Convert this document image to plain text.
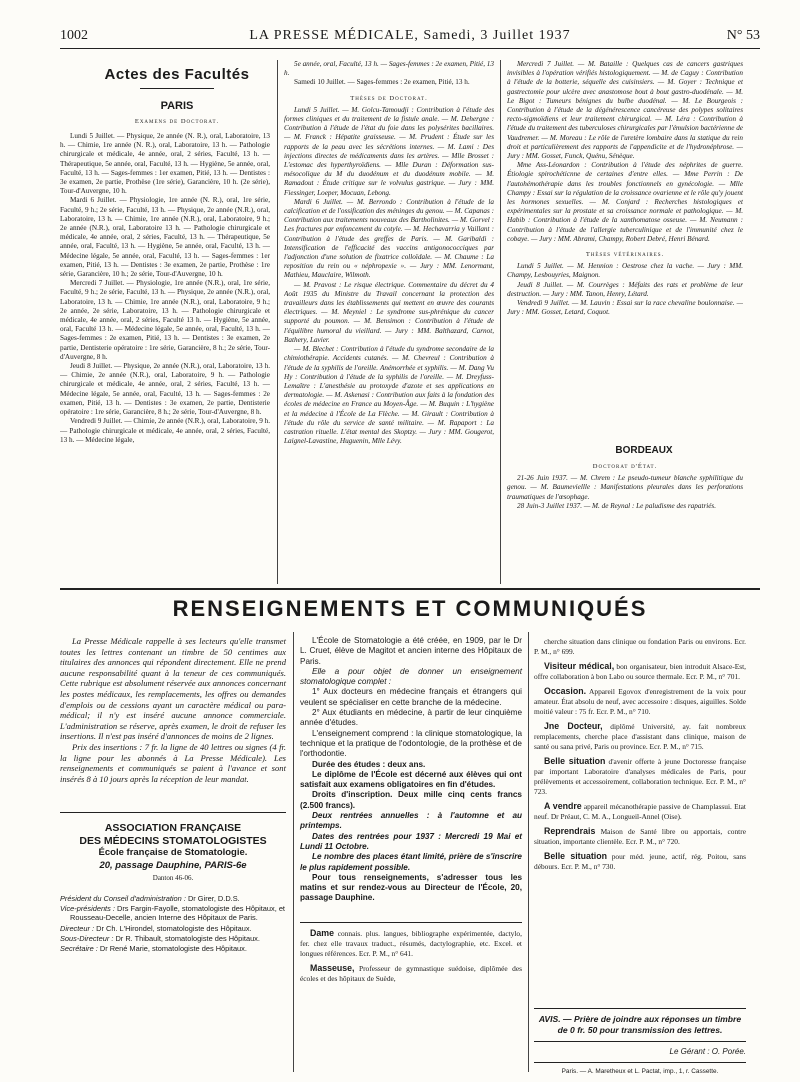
1002	LA PRESSE MÉDICALE, Samedi, 3 Juillet 1937	N° 53
Actes des Facultés
PARIS
Examens de Doctorat.

Lundi 5 Juillet. — Physique, 2e année (N. R.), oral, Laboratoire, 13 h. — Chimie, 1re année (N. R.), oral, Laboratoire, 13 h. — Pathologie chirurgicale et médicale, 4e année, oral, 2 séries, Faculté, 13 h. — Thérapeutique, 5e année, oral, Faculté, 13 h. — Hygiène, 5e année, oral, Faculté, 13 h. — Sages-femmes : 1er examen, Pitié, 13 h. — Dentistes : 3e examen, 2e partie, Prothèse (1re série), Garancière, 10 h. (2e série), Tour-d'Auvergne, 10 h.

Mardi 6 Juillet. — Physiologie, 1re année (N. R.), oral, 1re série, Faculté, 9 h.; 2e série, Faculté, 13 h. — Physique, 2e année (N.R.), oral, Laboratoire, 13 h. — Chimie, 1re année (N.R.), oral, Laboratoire, 9 h.; 2e année (N.R.), oral, Laboratoire 13 h. — Pathologie chirurgicale et médicale, 4e année, oral, 2 séries, Faculté, 13 h. — Thérapeutique, 5e année, oral, Faculté, 13 h. — Hygiène, 5e année, oral, Faculté, 13 h. — Médecine légale, 5e année, oral, Faculté, 13 h. — Sages-femmes : 1er examen, Pitié, 13 h. — Dentistes : 3e examen, 2e partie, Prothèse : 1re série, Garancière, 10 h.; 2e série, Tour-d'Auvergne, 10 h.

Mercredi 7 Juillet. — Physiologie, 1re année (N.R.), oral, 1re série, Faculté, 9 h.; 2e série, Faculté, 13 h. — Physique, 2e année (N.R.), oral, Laboratoire, 13 h. — Chimie, 1re année (N.R.), oral, Laboratoire, 9 h.; 2e année, 2e série, Laboratoire, 13 h. — Pathologie chirurgicale et médicale, 4e année, oral, 2 séries, Faculté 13 h. — Hygiène, 5e année, oral, Faculté 13 h. — Médecine légale, 5e année, oral, Faculté, 13 h. — Sages-femmes : 2e examen, Pitié, 13 h. — Dentistes : 3e examen, 2e partie, Dentisterie opératoire : 1re série, Garancière, 8 h.; 2e série, Tour-d'Auvergne, 8 h.

Jeudi 8 Juillet. — Physique, 2e année (N.R.), oral, Laboratoire, 13 h. — Chimie, 2e année (N.R.), oral, Laboratoire, 9 h. — Pathologie chirurgicale et médicale, 4e année, oral, 2 séries, Faculté, 13 h. — Médecine légale, 5e année, oral, Faculté, 13 h. — Sages-femmes : 2e examen, Pitié, 13 h. — Dentistes : 3e examen, 2e partie, Dentisterie opératoire : 1re série, Garancière, 8 h.; 2e série, Tour-d'Auvergne, 8 h.

Vendredi 9 Juillet. — Chimie, 2e année (N.R.), oral, Laboratoire, 9 h. — Pathologie chirurgicale et médicale, 4e année, oral, 2 séries, Faculté, 13 h. — Médecine légale,

5e année, oral, Faculté, 13 h. — Sages-femmes : 2e examen, Pitié, 13 h.

Samedi 10 Juillet. — Sages-femmes : 2e examen, Pitié, 13 h.

Thèses de Doctorat.

Lundi 5 Juillet. — M. Golcu-Tamoudji : Contribution à l'étude des formes cliniques et du traitement de la fistule anale. — M. Dehergne : Contribution à l'étude de l'état du foie dans les polysérites bacillaires. — M. Franck : Hépatite graisseuse. — M. Prudent : Étude sur les rapports de la peau avec les sécrétions internes. — M. Lami : Des injections directes de médicaments dans les artères. — Mlle Brosset : L'estomac des hyperthyroïdiens. — Mlle Duran : Déformation sus-mésocolique du M du duodénum et du duodénum mobile. — M. Ramadout : Étude critique sur le volvulus gastrique. — Jury : MM. Fiessinger, Loeper, Mocuan, Lebong.

Mardi 6 Juillet. — M. Berrondo : Contribution à l'étude de la calcification et de l'ossification des méninges du genou. — M. Capanas : Contribution aux traitements nouveaux des Bartholinites. — M. Gorvel : Les fractures par enfoncement du cotyle. — M. Hechavarria y Vaillant : Contribution à l'étude des greffes de Paris. — M. Garibaldi : Intensification de l'efficacité des vaccins antigonococciques par l'adjonction d'une solution de fixatrice colloïdale. — M. Chaume : La reposition du rein ou « néphropexie ». — Jury : MM. Lenormant, Mathieu, Mauclaire, Wilmoth.

— M. Pravost : Le risque électrique. Commentaire du décret du 4 Août 1935 du Ministre du Travail concernant la protection des travailleurs dans les établissements qui mettent en œuvre des courants électriques. — M. Meyniel : Le syndrome sus-phrénique du cancer supporté du poumon. — M. Bensimon : Contribution à l'étude de l'équilibre humoral du vieillard. — Jury : MM. Balthazard, Carnot, Bathery, Lavier.

— M. Blechet : Contribution à l'étude du syndrome secondaire de la chimiothérapie. Accidents cutanés. — M. Chevreul : Contribution à l'étude de la syphilis de l'oreille. Anémorrhée et syphilis. — M. Dang Vu Hy : Contribution à l'étude de la syphilis de l'oreille. — M. Dreyfuss-Lemaître : L'anesthésie au protoxyde d'azote et ses applications en dermatologie. — M. Askenasi : Contribution aux faits à la fondation des écoles de médecine en France au Moyen-Âge. — M. Buquin : L'hygiène et la médecine à l'École de La Flèche. — M. Girault : Contribution à l'étude du rôle du service de santé militaire. — M. Rapaport : La castration rituelle. L'état mental des Skoptzy. — Jury : MM. Gougerot, Laignel-Lavastine, Huguenin, Mlle Lévy.

Mercredi 7 Juillet. — M. Bataille : Quelques cas de cancers gastriques invisibles à l'opération vérifiés histologiquement. — M. de Caguy : Contribution à l'étude de la botterie, séquelle des cuisinsiers. — M. Goyer : Technique et gastrectomie pour ulcère avec anastomose bout à bout gastro-duodénale. — M. Le Bigot : Tumeurs bénignes du bulbe duodénal. — M. Le Bourgeois : Contribution à l'étude de la dégénérescence cancéreuse des polypes solitaires recto-sigmoïdiens et leur traitement chirurgical. — M. Léra : Contribution à l'étude du traitement des tuberculoses chirurgicales par l'émulsion bactérienne de Vaudremer. — M. Moreau : Le rôle de l'uretère lombaire dans la statique du rein droit et particulièrement des rapports de l'appendicite et de l'hydronéphrose. — Jury : MM. Gosset, Funck, Quénu, Sénèque.

Mme Ass-Léonardon : Contribution à l'étude des néphrites de guerre. Étiologie spirochéticnne de certaines d'entre elles. — Mme Perrin : De l'autohémothérapie dans les troubles fonctionnels en gynécologie. — Mlle Champy : Essai sur la régulation de la croissance ovarienne et le rôle qu'y jouent les hormones sexuelles. — M. Conjard : Recherches histologiques et expérimentales sur la prostate et sa croissance normale et pathologique. — M. Habib : Contribution à l'étude de la xanthomatose osseuse. — M. Neumann : Contribution à l'étude de l'allergie tuberculinique et de l'immunité chez le cobaye. — Jury : MM. Abrami, Champy, Robert Debré, Henri Bénard.

Thèses vétérinaires.

Lundi 5 Juillet. — M. Hennion : Oestrose chez la vache. — Jury : MM. Champy, Lesbouyries, Maignon.

Jeudi 8 Juillet. — M. Courrèges : Méfaits des rats et problème de leur destruction. — Jury : MM. Tanon, Henry, Létard.

Vendredi 9 Juillet. — M. Lauvin : Essai sur la race chevaline boulonnaise. — Jury : MM. Gosset, Letard, Coquot.

BORDEAUX
Doctorat d'État.

21-26 Juin 1937. — M. Chrem : Le pseudo-tumeur blanche syphilitique du genou. — M. Baumeviellle : Manifestations pleurales dans les perforations traumatiques de l'œsophage.

28 Juin-3 Juillet 1937. — M. de Reynal : Le paludisme des rapatriés.

RENSEIGNEMENTS ET COMMUNIQUÉS

La Presse Médicale rappelle à ses lecteurs qu'elle transmet toutes les lettres contenant un timbre de 50 centimes aux titulaires des annonces qui répondent directement. Elle ne prend aucune responsabilité quant à la teneur de ces communiqués. Cette rubrique est absolument réservée aux annonces concernant les postes médicaux, les remplacements, les offres ou demandes d'emplois ou de cessions ayant un caractère médical ou para-médical; il n'y est inséré aucune annonce commerciale. L'administration se réserve, après examen, le droit de refuser les insertions. Il n'est pas inséré d'annonces de moins de 2 lignes.

Prix des insertions : 7 fr. la ligne de 40 lettres ou signes (4 fr. la ligne pour les abonnés à La Presse Médicale). Les renseignements et communiqués se paient à l'avance et sont insérés 8 à 10 jours après la réception de leur mandat.

ASSOCIATION FRANÇAISE
DES MÉDECINS STOMATOLOGISTES
École française de Stomatologie.
20, passage Dauphine, PARIS-6e
Danton 46-06.

Président du Conseil d'administration : Dr Girer, D.D.S.

Vice-présidents : Drs Fargin-Fayolle, stomatologiste des Hôpitaux, et Rousseau-Decelle, ancien Interne des Hôpitaux de Paris.

Directeur : Dr Ch. L'Hirondel, stomatologiste des Hôpitaux.

Sous-Directeur : Dr R. Thibault, stomatologiste des Hôpitaux.

Secrétaire : Dr René Marie, stomatologiste des Hôpitaux.

L'École de Stomatologie a été créée, en 1909, par le Dr L. Cruet, élève de Magitot et ancien interne des Hôpitaux de Paris.

Elle a pour objet de donner un enseignement stomatologique complet :

1° Aux docteurs en médecine français et étrangers qui veulent se spécialiser en cette branche de la médecine.

2° Aux étudiants en médecine, à partir de leur cinquième année d'études.

L'enseignement comprend : la clinique stomatologique, la technique et la pratique de l'odontologie, de la prothèse et de l'orthodontie.

Durée des études : deux ans.

Le diplôme de l'École est décerné aux élèves qui ont satisfait aux examens obligatoires en fin d'études.

Droits d'inscription. Deux mille cinq cents francs (2.500 francs).

Deux rentrées annuelles : à l'automne et au printemps.

Dates des rentrées pour 1937 : Mercredi 19 Mai et Lundi 11 Octobre.

Le nombre des places étant limité, prière de s'inscrire le plus rapidement possible.

Pour tous renseignements, s'adresser tous les matins et sur rendez-vous au Directeur de l'École, 20, passage Dauphine.

Dame connais. plus. langues, bibliographe expérimentée, dactylo, fer. chez elle travaux traduct., résumés, dactylographie, etc. Excel. et longues références. Ecr. P. M., n° 641.

Masseuse, Professeur de gymnastique suédoise, diplômée des écoles et des hôpitaux de Suède,

cherche situation dans clinique ou fondation Paris ou environs. Ecr. P. M., n° 699.

Visiteur médical, bon organisateur, bien introduit Alsace-Est, offre collaboration à bon Labo ou source thermale. Ecr. P. M., n° 701.

Occasion. Appareil Egovox d'enregistrement de la voix pour amateur. État absolu de neuf, avec accessoire : disques, aiguilles. Solde moitié valeur : 75 fr. Ecr. P. M., n° 710.

Jne Docteur, diplômé Université, ay. fait nombreux remplacements, cherche place d'assistant dans clinique, maison de santé ou sana privé, Paris ou province. Ecr. P. M., n° 715.

Belle situation d'avenir offerte à jeune Doctoresse française par important Laboratoire d'analyses médicales de Paris, pour prélèvements et accessoirement, collaboration technique. Ecr. P. M., n° 723.

A vendre appareil mécanothérapie passive de Champlassui. Etat neuf. Dr Préaut, C. M. A., Longueil-Annel (Oise).

Reprendrais Maison de Santé libre ou apportais, contre situation, importante clientèle. Ecr. P. M., n° 720.

Belle situation pour méd. jeune, actif, rég. Poitou, sans débours. Ecr. P. M., n° 730.

AVIS. — Prière de joindre aux réponses un timbre de 0 fr. 50 pour transmission des lettres.
Le Gérant : O. Porée.
Paris. — A. Maretheux et L. Pactat, imp., 1, r. Cassette.
